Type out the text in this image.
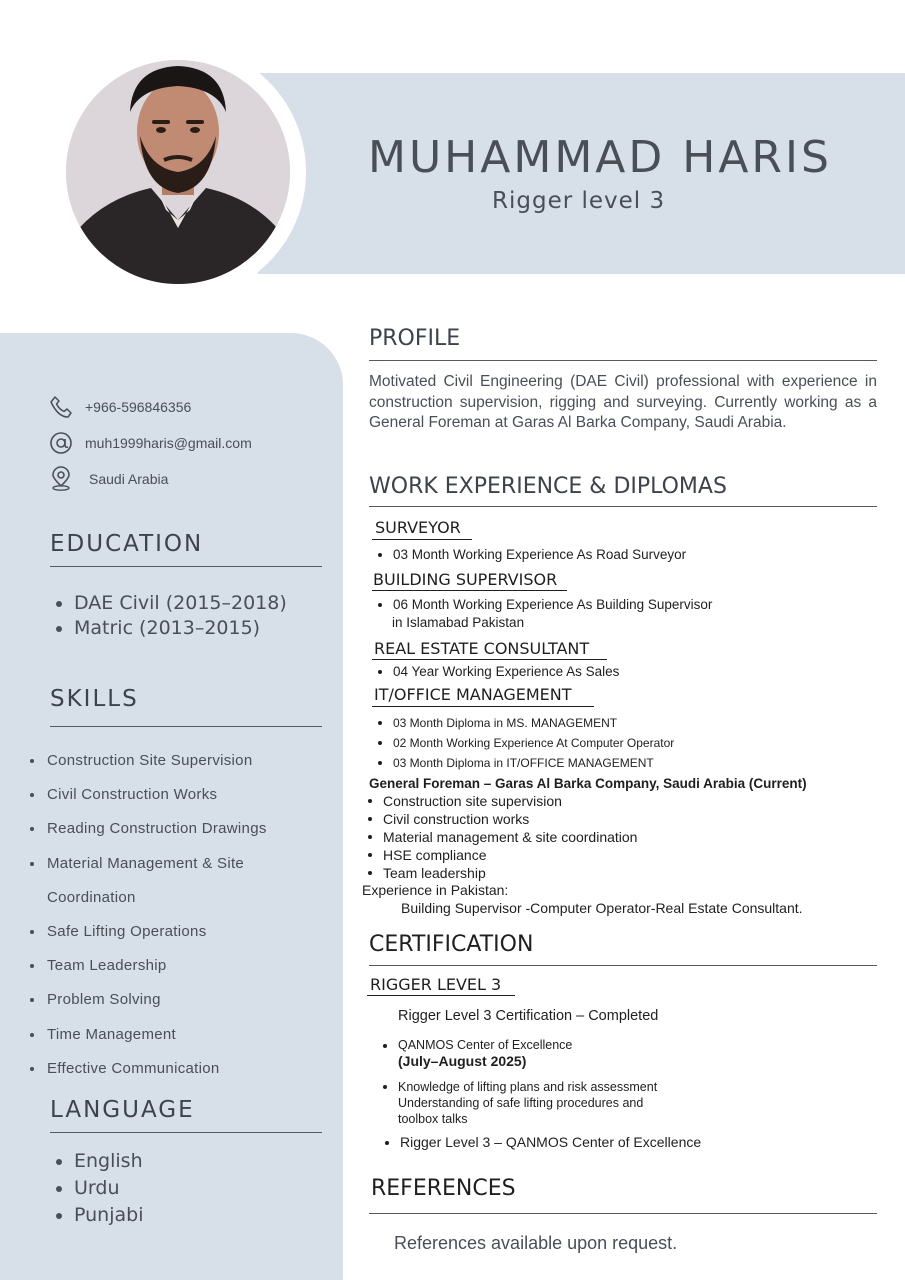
MUHAMMAD HARIS
Rigger level 3
+966-596846356
muh1999haris@gmail.com
Saudi Arabia
EDUCATION
DAE Civil (2015–2018)
Matric (2013–2015)
SKILLS
Construction Site Supervision
Civil Construction Works
Reading Construction Drawings
Material Management & Site
Coordination
Safe Lifting Operations
Team Leadership
Problem Solving
Time Management
Effective Communication
LANGUAGE
English
Urdu
Punjabi
PROFILE

Motivated Civil Engineering (DAE Civil) professional with experience in construction supervision, rigging and surveying. Currently working as a General Foreman at Garas Al Barka Company, Saudi Arabia.

WORK EXPERIENCE & DIPLOMAS
SURVEYOR
03 Month Working Experience As Road Surveyor
BUILDING SUPERVISOR
06 Month Working Experience As Building Supervisor
in Islamabad Pakistan
REAL ESTATE CONSULTANT
04 Year Working Experience As Sales
IT/OFFICE MANAGEMENT
03 Month Diploma in MS. MANAGEMENT
02 Month Working Experience At Computer Operator
03 Month Diploma in IT/OFFICE MANAGEMENT
General Foreman – Garas Al Barka Company, Saudi Arabia (Current)
Construction site supervision
Civil construction works
Material management & site coordination
HSE compliance
Team leadership
Experience in Pakistan:
Building Supervisor -Computer Operator-Real Estate Consultant.
CERTIFICATION
RIGGER LEVEL 3
Rigger Level 3 Certification – Completed
QANMOS Center of Excellence
(July–August 2025)
Knowledge of lifting plans and risk assessment
Understanding of safe lifting procedures and
toolbox talks
Rigger Level 3 – QANMOS Center of Excellence
REFERENCES
References available upon request.
